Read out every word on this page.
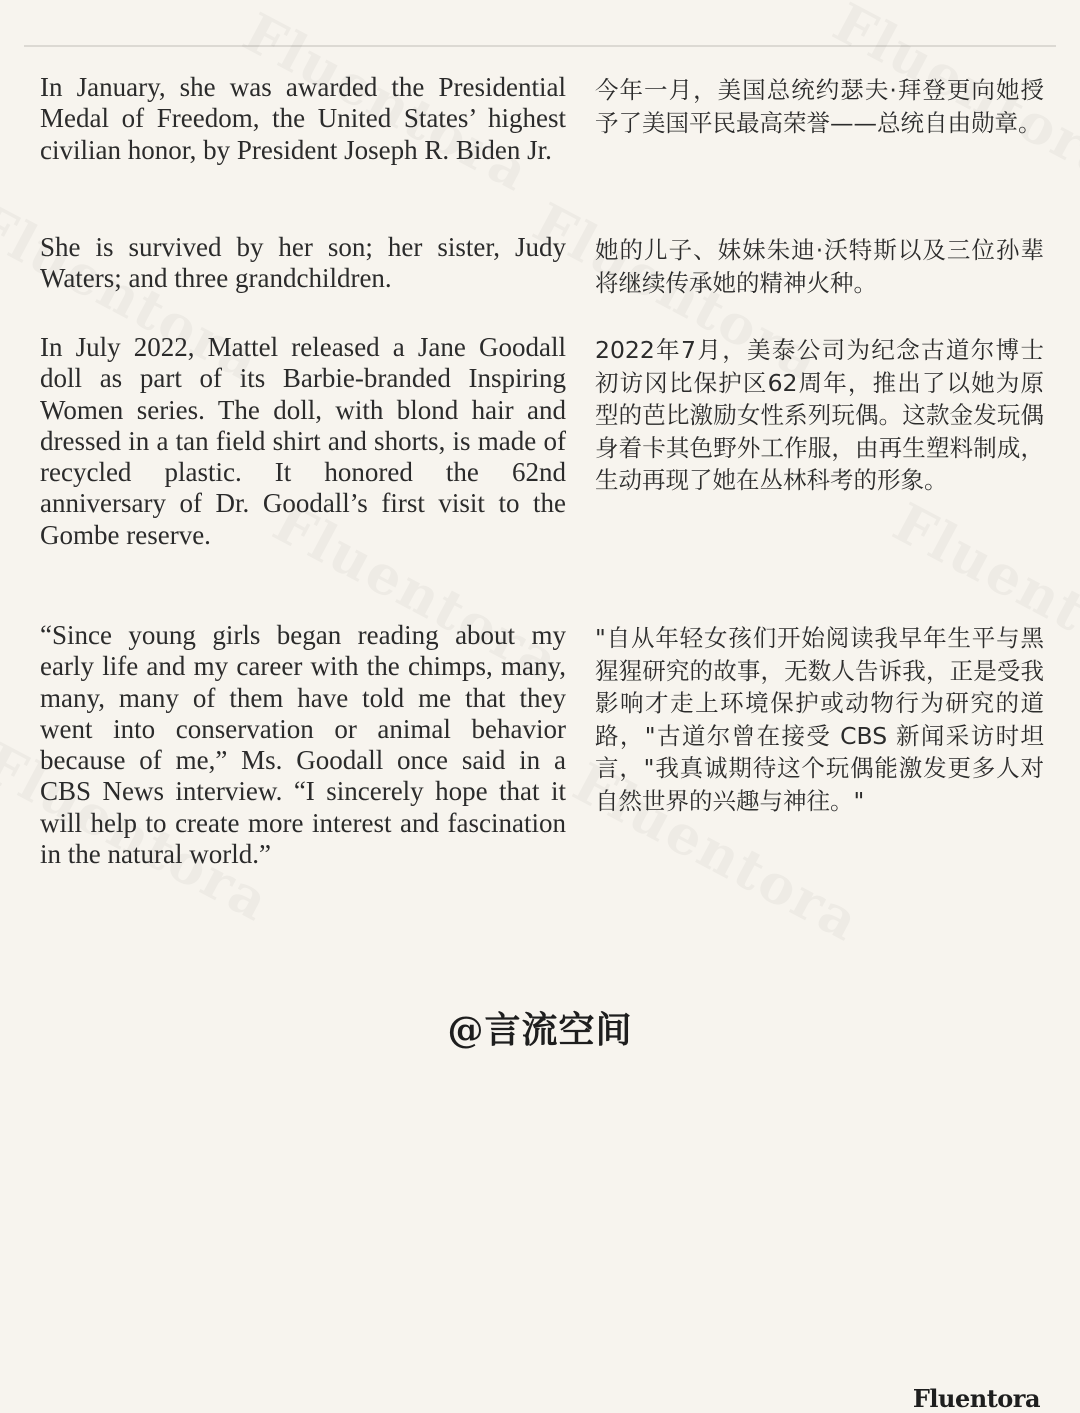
In January, she was awarded the Presidential Medal of Freedom, the United States’ highest civilian honor, by President Joseph R. Biden Jr.

今年一月，美国总统约瑟夫·拜登更向她授予了美国平民最高荣誉——总统自由勋章。

She is survived by her son; her sister, Judy Waters; and three grandchildren.

她的儿子、妹妹朱迪·沃特斯以及三位孙辈将继续传承她的精神火种。

In July 2022, Mattel released a Jane Goodall doll as part of its Barbie-branded Inspiring Women series. The doll, with blond hair and dressed in a tan field shirt and shorts, is made of recycled plastic. It honored the 62nd anniversary of Dr. Goodall’s first visit to the Gombe reserve.

2022年7月，美泰公司为纪念古道尔博士初访冈比保护区62周年，推出了以她为原型的芭比激励女性系列玩偶。这款金发玩偶身着卡其色野外工作服，由再生塑料制成，生动再现了她在丛林科考的形象。

“Since young girls began reading about my early life and my career with the chimps, many, many, many of them have told me that they went into conservation or animal behavior because of me,” Ms. Goodall once said in a CBS News interview. “I sincerely hope that it will help to create more interest and fascination in the natural world.”

"自从年轻女孩们开始阅读我早年生平与黑猩猩研究的故事，无数人告诉我，正是受我影响才走上环境保护或动物行为研究的道路，"古道尔曾在接受 CBS 新闻采访时坦言，"我真诚期待这个玩偶能激发更多人对自然世界的兴趣与神往。"

@言流空间
Fluentora
